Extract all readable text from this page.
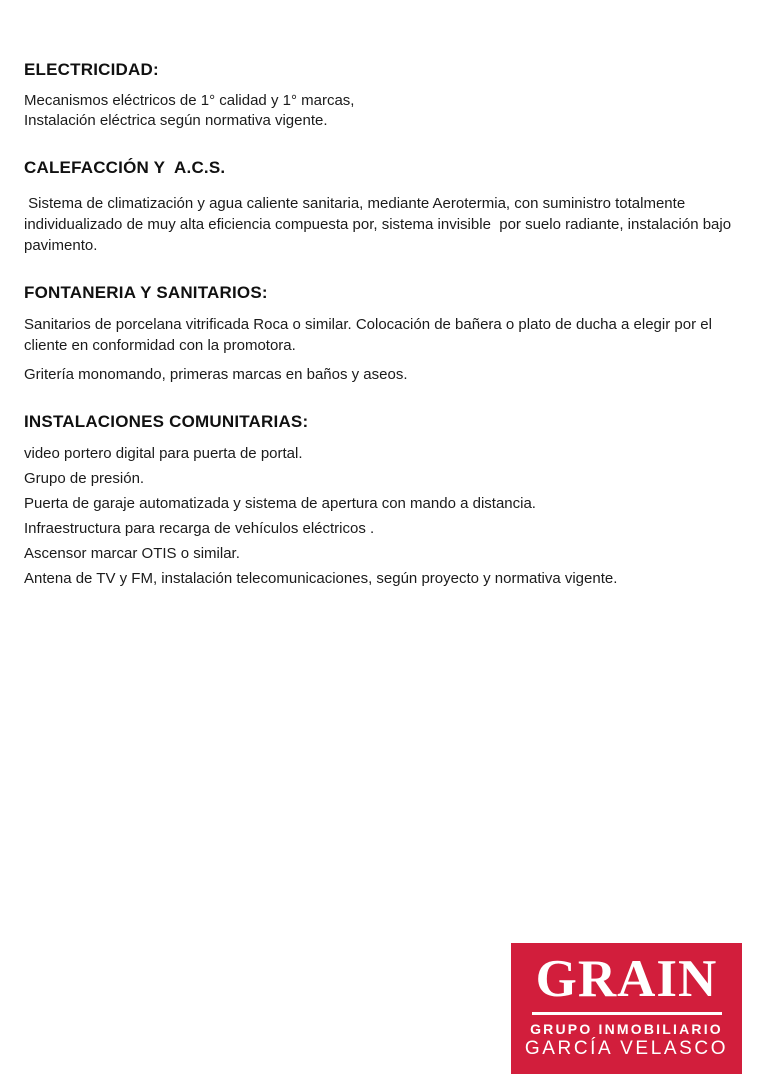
ELECTRICIDAD:

Mecanismos eléctricos de 1° calidad y 1° marcas,

Instalación eléctrica según normativa vigente.

CALEFACCIÓN Y  A.C.S.

Sistema de climatización y agua caliente sanitaria, mediante Aerotermia, con suministro totalmente individualizado de muy alta eficiencia compuesta por, sistema invisible  por suelo radiante, instalación bajo pavimento.

FONTANERIA Y SANITARIOS:

Sanitarios de porcelana vitrificada Roca o similar. Colocación de bañera o plato de ducha a elegir por el cliente en conformidad con la promotora.

Gritería monomando, primeras marcas en baños y aseos.

INSTALACIONES COMUNITARIAS:

video portero digital para puerta de portal.

Grupo de presión.

Puerta de garaje automatizada y sistema de apertura con mando a distancia.

Infraestructura para recarga de vehículos eléctricos .

Ascensor marcar OTIS o similar.

Antena de TV y FM, instalación telecomunicaciones, según proyecto y normativa vigente.

GRAIN
GRUPO INMOBILIARIO
GARCÍA VELASCO
